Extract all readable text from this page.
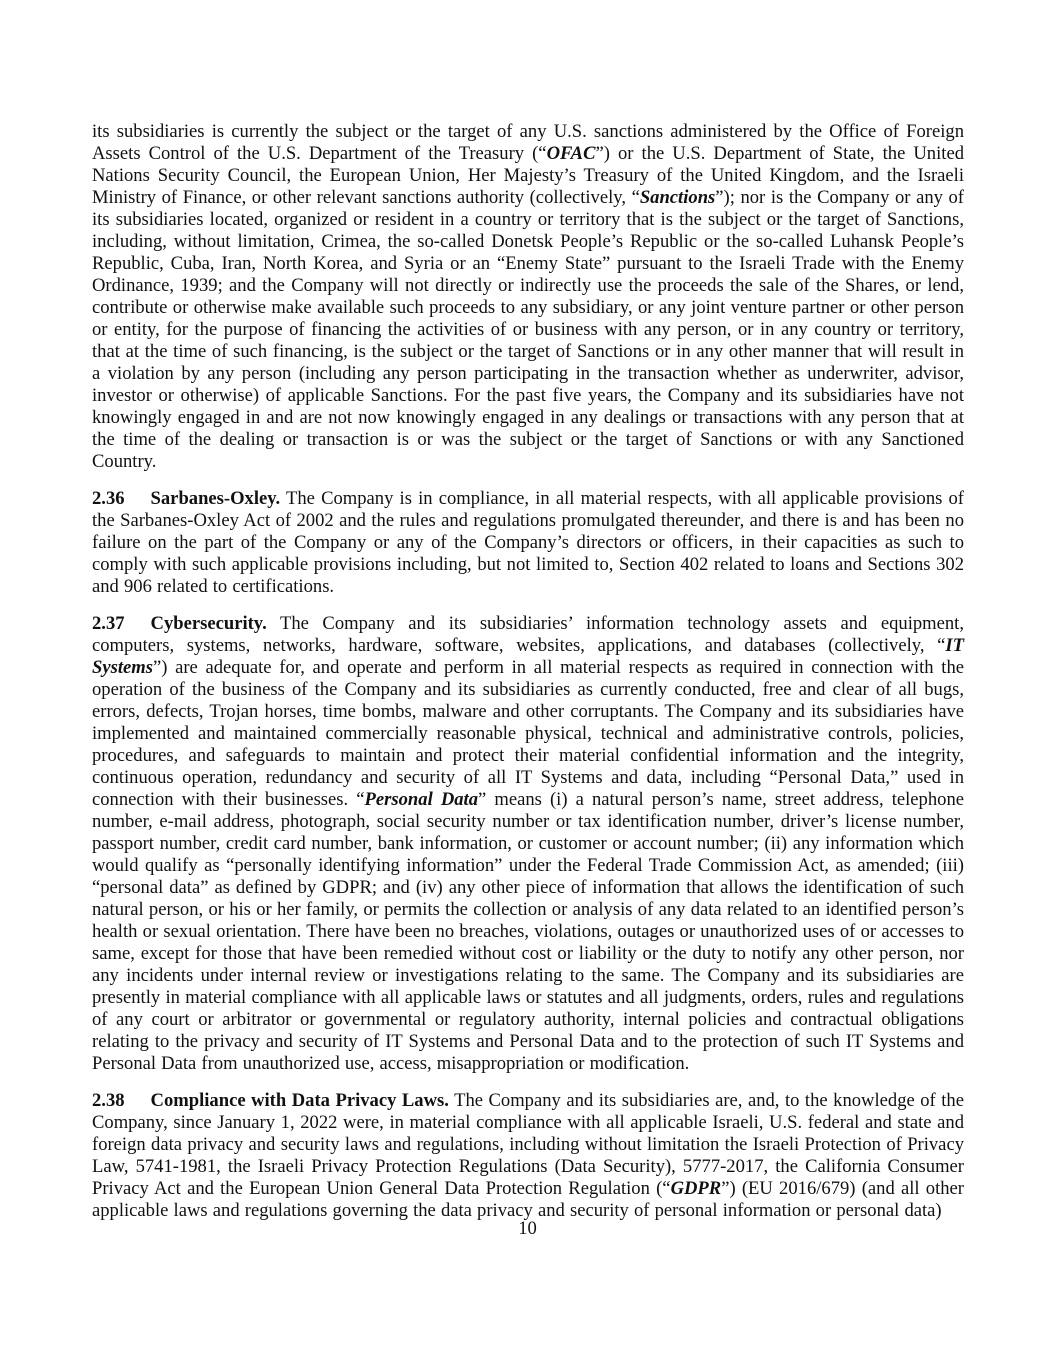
its subsidiaries is currently the subject or the target of any U.S. sanctions administered by the Office of Foreign Assets Control of the U.S. Department of the Treasury (“OFAC”) or the U.S. Department of State, the United Nations Security Council, the European Union, Her Majesty’s Treasury of the United Kingdom, and the Israeli Ministry of Finance, or other relevant sanctions authority (collectively, “Sanctions”); nor is the Company or any of its subsidiaries located, organized or resident in a country or territory that is the subject or the target of Sanctions, including, without limitation, Crimea, the so-called Donetsk People’s Republic or the so-called Luhansk People’s Republic, Cuba, Iran, North Korea, and Syria or an “Enemy State” pursuant to the Israeli Trade with the Enemy Ordinance, 1939; and the Company will not directly or indirectly use the proceeds the sale of the Shares, or lend, contribute or otherwise make available such proceeds to any subsidiary, or any joint venture partner or other person or entity, for the purpose of financing the activities of or business with any person, or in any country or territory, that at the time of such financing, is the subject or the target of Sanctions or in any other manner that will result in a violation by any person (including any person participating in the transaction whether as underwriter, advisor, investor or otherwise) of applicable Sanctions. For the past five years, the Company and its subsidiaries have not knowingly engaged in and are not now knowingly engaged in any dealings or transactions with any person that at the time of the dealing or transaction is or was the subject or the target of Sanctions or with any Sanctioned Country.

2.36 Sarbanes-Oxley. The Company is in compliance, in all material respects, with all applicable provisions of the Sarbanes-Oxley Act of 2002 and the rules and regulations promulgated thereunder, and there is and has been no failure on the part of the Company or any of the Company’s directors or officers, in their capacities as such to comply with such applicable provisions including, but not limited to, Section 402 related to loans and Sections 302 and 906 related to certifications.

2.37 Cybersecurity. The Company and its subsidiaries’ information technology assets and equipment, computers, systems, networks, hardware, software, websites, applications, and databases (collectively, “IT Systems”) are adequate for, and operate and perform in all material respects as required in connection with the operation of the business of the Company and its subsidiaries as currently conducted, free and clear of all bugs, errors, defects, Trojan horses, time bombs, malware and other corruptants. The Company and its subsidiaries have implemented and maintained commercially reasonable physical, technical and administrative controls, policies, procedures, and safeguards to maintain and protect their material confidential information and the integrity, continuous operation, redundancy and security of all IT Systems and data, including “Personal Data,” used in connection with their businesses. “Personal Data” means (i) a natural person’s name, street address, telephone number, e-mail address, photograph, social security number or tax identification number, driver’s license number, passport number, credit card number, bank information, or customer or account number; (ii) any information which would qualify as “personally identifying information” under the Federal Trade Commission Act, as amended; (iii) “personal data” as defined by GDPR; and (iv) any other piece of information that allows the identification of such natural person, or his or her family, or permits the collection or analysis of any data related to an identified person’s health or sexual orientation. There have been no breaches, violations, outages or unauthorized uses of or accesses to same, except for those that have been remedied without cost or liability or the duty to notify any other person, nor any incidents under internal review or investigations relating to the same. The Company and its subsidiaries are presently in material compliance with all applicable laws or statutes and all judgments, orders, rules and regulations of any court or arbitrator or governmental or regulatory authority, internal policies and contractual obligations relating to the privacy and security of IT Systems and Personal Data and to the protection of such IT Systems and Personal Data from unauthorized use, access, misappropriation or modification.

2.38 Compliance with Data Privacy Laws. The Company and its subsidiaries are, and, to the knowledge of the Company, since January 1, 2022 were, in material compliance with all applicable Israeli, U.S. federal and state and foreign data privacy and security laws and regulations, including without limitation the Israeli Protection of Privacy Law, 5741-1981, the Israeli Privacy Protection Regulations (Data Security), 5777-2017, the California Consumer Privacy Act and the European Union General Data Protection Regulation (“GDPR”) (EU 2016/679) (and all other applicable laws and regulations governing the data privacy and security of personal information or personal data)

10
